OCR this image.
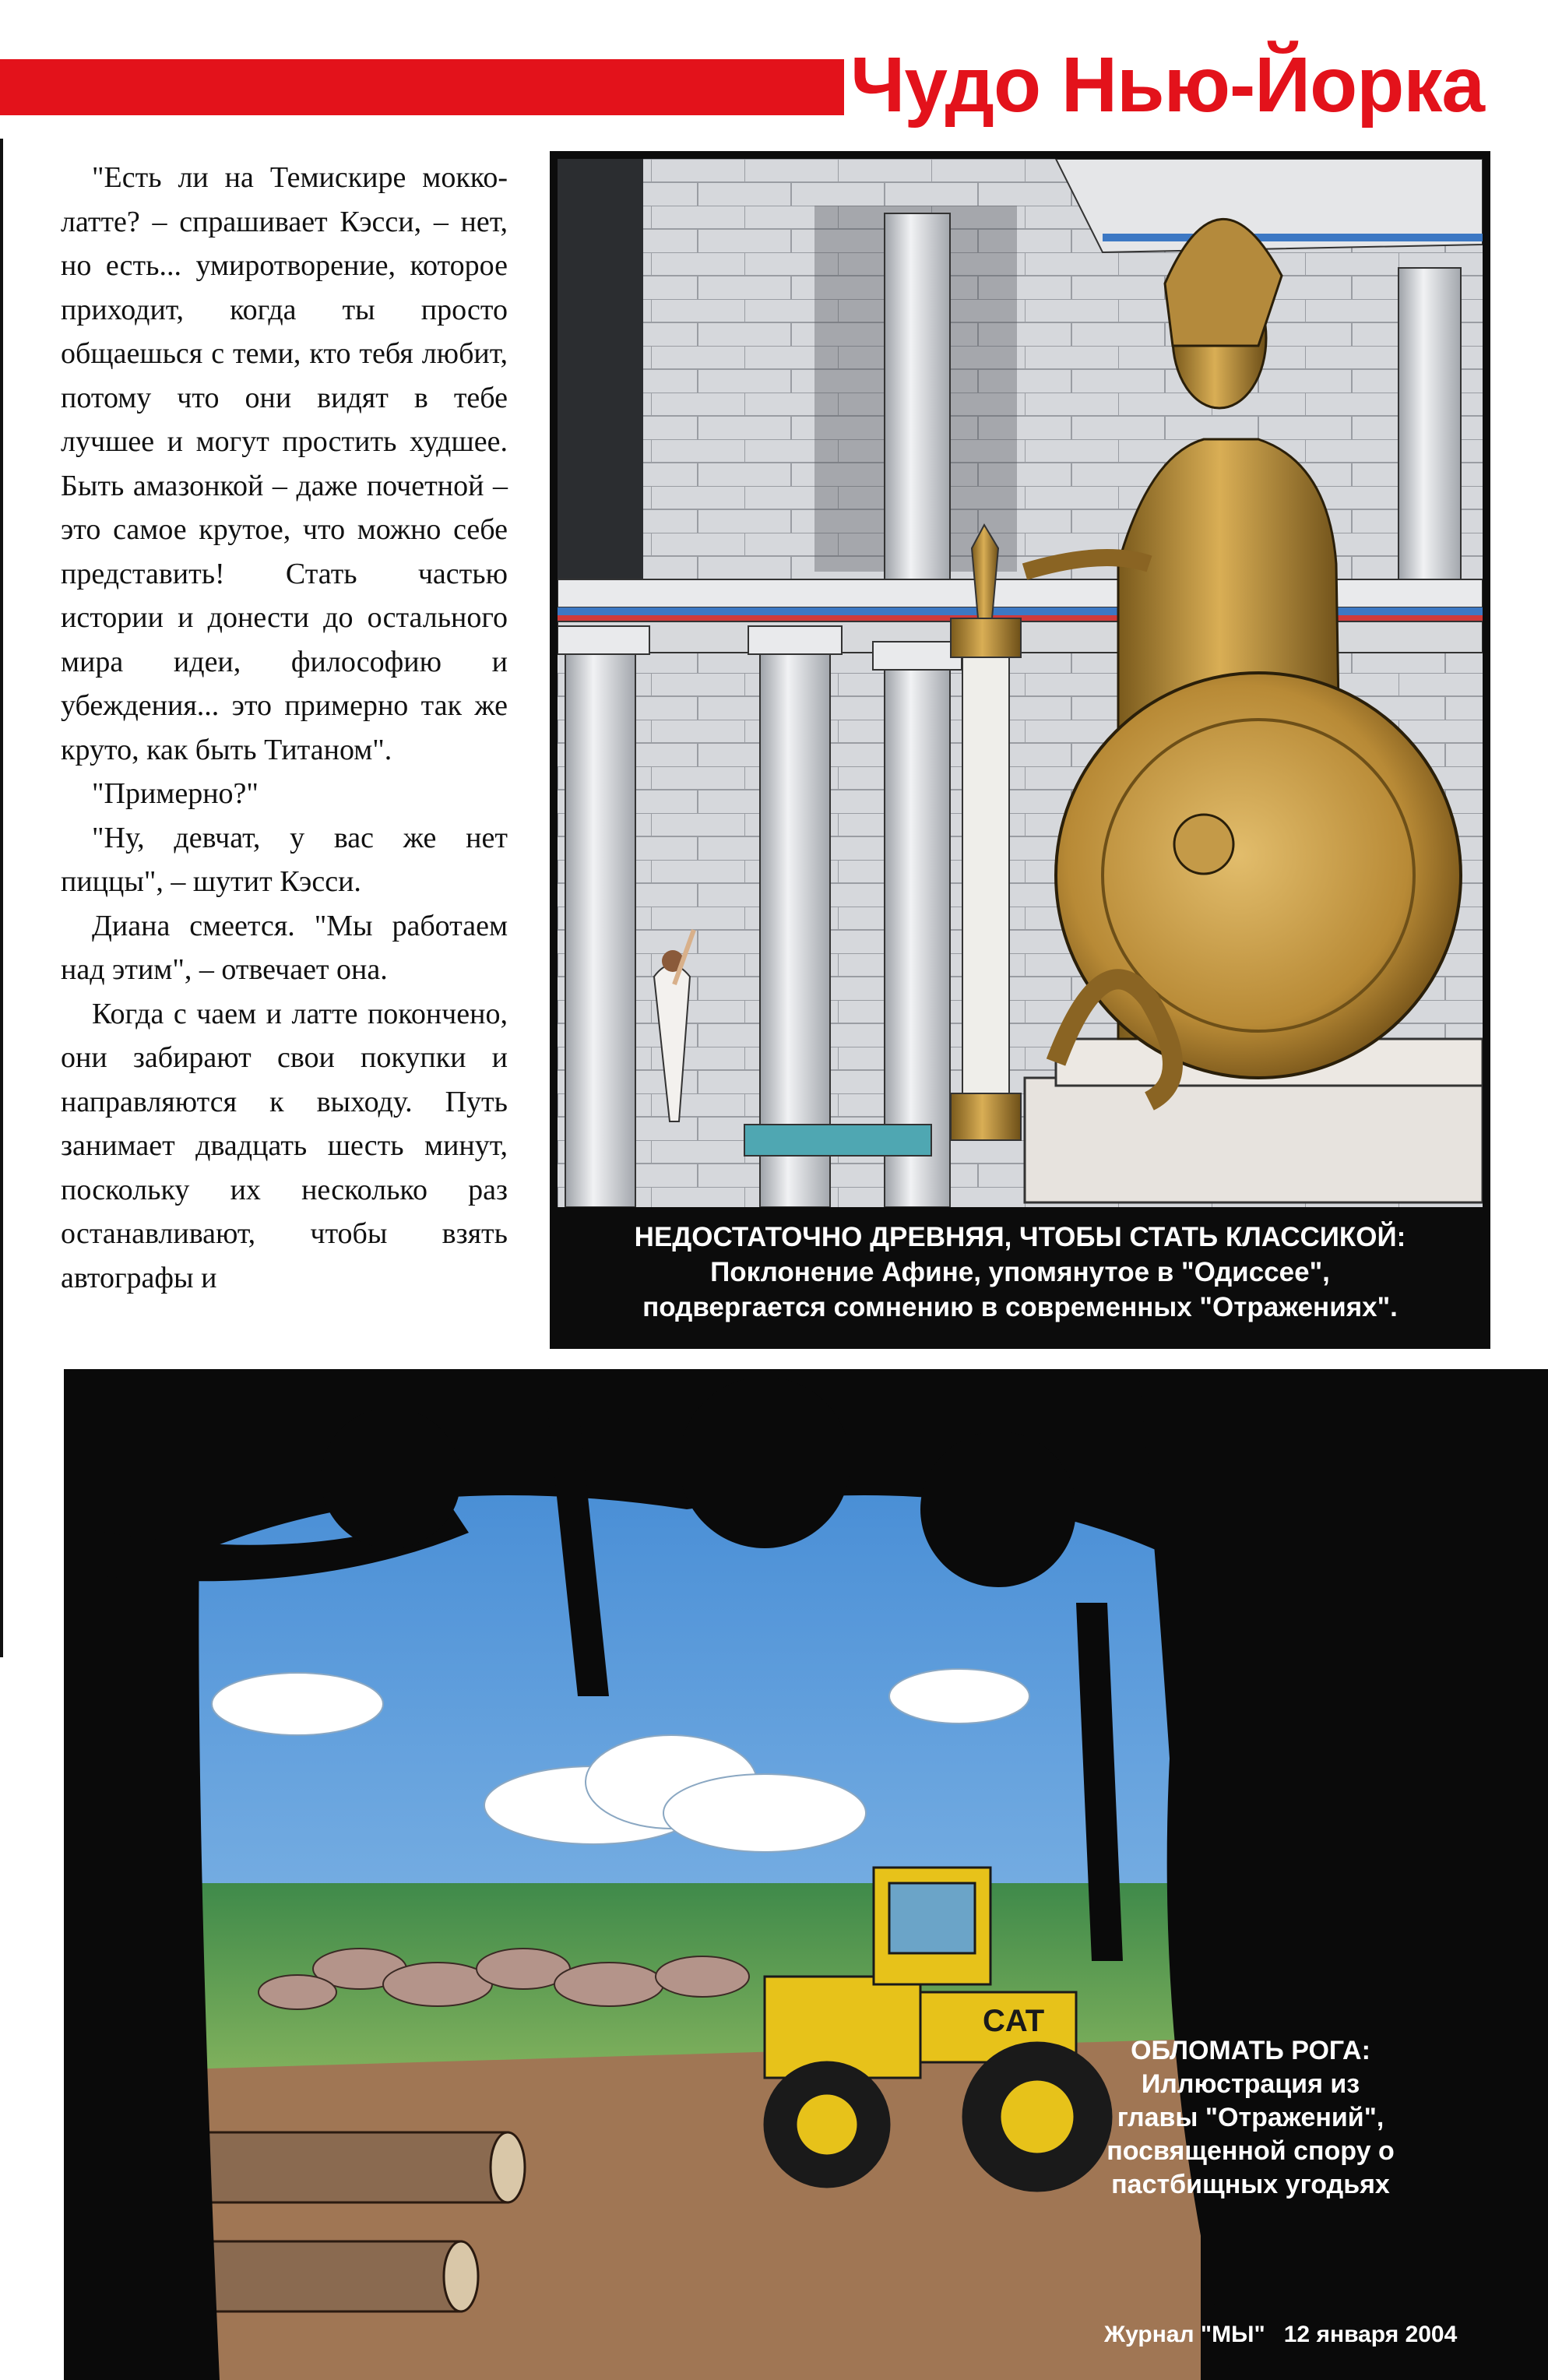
Чудо Нью-Йорка

"Есть ли на Темискире мокко-латте? – спрашивает Кэсси, – нет, но есть... умиротворение, которое приходит, когда ты просто общаешься с теми, кто тебя любит, потому что они видят в тебе лучшее и могут простить худшее. Быть амазонкой – даже почетной – это самое крутое, что можно себе представить! Стать частью истории и донести до остального мира идеи, философию и убеждения... это примерно так же круто, как быть Титаном".

"Примерно?"

"Ну, девчат, у вас же нет пиццы", – шутит Кэсси.

Диана смеется. "Мы работаем над этим", – отвечает она.

Когда с чаем и латте покончено, они забирают свои покупки и направляются к выходу. Путь занимает двадцать шесть минут, поскольку их несколько раз останавливают, чтобы взять автографы и

НЕДОСТАТОЧНО ДРЕВНЯЯ, ЧТОБЫ СТАТЬ КЛАССИКОЙ:
Поклонение Афине, упомянутое в "Одиссее",
подвергается сомнению в современных "Отражениях".
CAT
ОБЛОМАТЬ РОГА:
Иллюстрация из
главы "Отражений",
посвященной спору о
пастбищных угодьях
Журнал "МЫ" 12 января 2004
